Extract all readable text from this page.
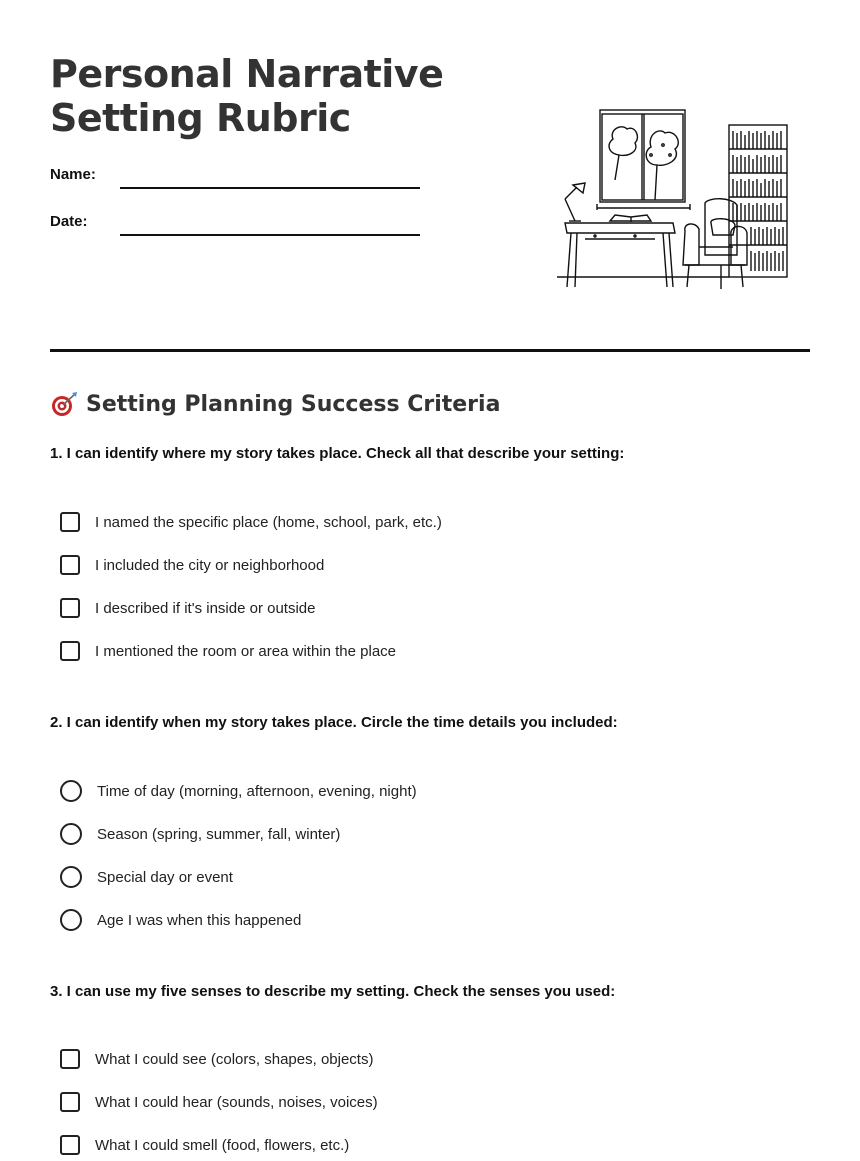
Personal Narrative
Setting Rubric
Name:
Date:
Setting Planning Success Criteria
1. I can identify where my story takes place. Check all that describe your setting:
I named the specific place (home, school, park, etc.)
I included the city or neighborhood
I described if it's inside or outside
I mentioned the room or area within the place
2. I can identify when my story takes place. Circle the time details you included:
Time of day (morning, afternoon, evening, night)
Season (spring, summer, fall, winter)
Special day or event
Age I was when this happened
3. I can use my five senses to describe my setting. Check the senses you used:
What I could see (colors, shapes, objects)
What I could hear (sounds, noises, voices)
What I could smell (food, flowers, etc.)
